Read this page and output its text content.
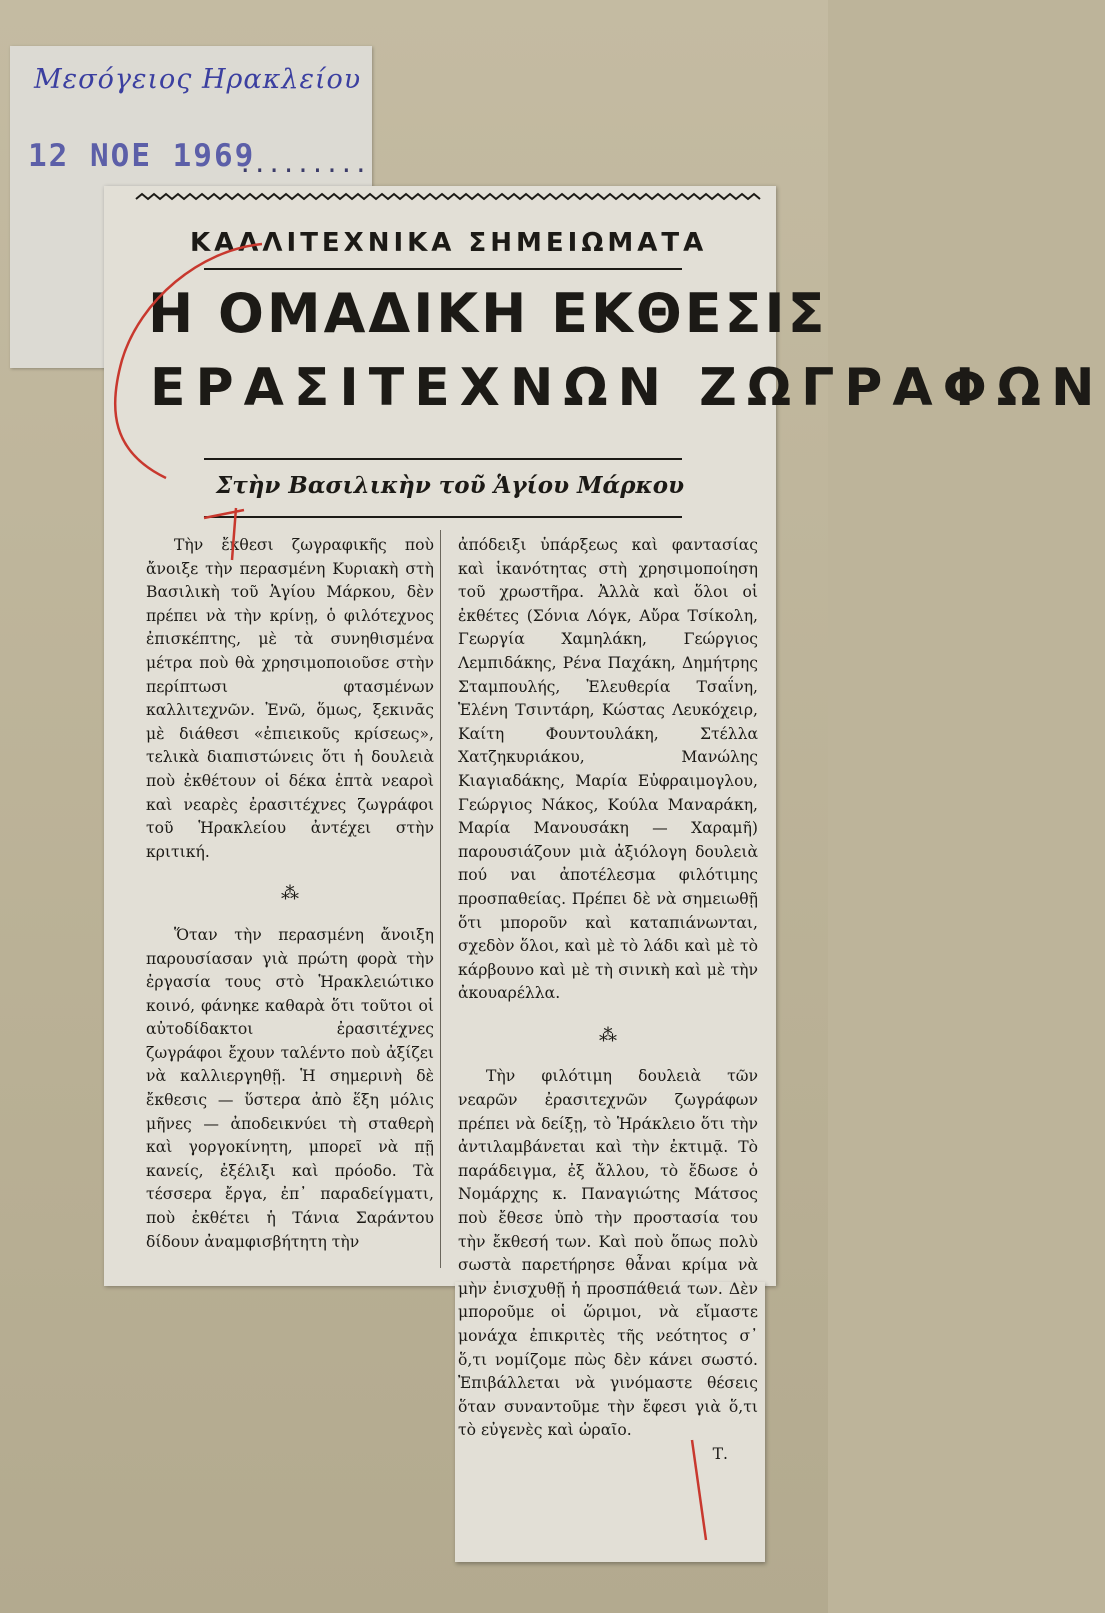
Μεσόγειος Ηρακλείου
12 ΝΟΕ 1969
.........
ΚΑΛΛΙΤΕΧΝΙΚΑ ΣΗΜΕΙΩΜΑΤΑ
Η ΟΜΑΔΙΚΗ ΕΚΘΕΣΙΣ
ΕΡΑΣΙΤΕΧΝΩΝ ΖΩΓΡΑΦΩΝ
Στὴν Βασιλικὴν τοῦ Ἁγίου Μάρκου

Τὴν ἔκθεσι ζωγραφικῆς ποὺ ἄνοιξε τὴν περασμένη Κυριακὴ στὴ Βασιλικὴ τοῦ Ἁγίου Μάρκου, δὲν πρέπει νὰ τὴν κρίνῃ, ὁ φιλότεχνος ἐπισκέπτης, μὲ τὰ συνηθισμένα μέτρα ποὺ θὰ χρησιμοποιοῦσε στὴν περίπτωσι φτασμένων καλλιτεχνῶν. Ἐνῶ, ὅμως, ξεκινᾶς μὲ διάθεσι «ἐπιεικοῦς κρίσεως», τελικὰ διαπιστώνεις ὅτι ἡ δουλειὰ ποὺ ἐκθέτουν οἱ δέκα ἑπτὰ νεαροὶ καὶ νεαρὲς ἐρασιτέχνες ζωγράφοι τοῦ Ἡρακλείου ἀντέχει στὴν κριτική.

⁂

Ὅταν τὴν περασμένη ἄνοιξη παρουσίασαν γιὰ πρώτη φορὰ τὴν ἐργασία τους στὸ Ἡρακλειώτικο κοινό, φάνηκε καθαρὰ ὅτι τοῦτοι οἱ αὐτοδίδακτοι ἐρασιτέχνες ζωγράφοι ἔχουν ταλέντο ποὺ ἀξίζει νὰ καλλιεργηθῇ. Ἡ σημερινὴ δὲ ἔκθεσις — ὕστερα ἀπὸ ἕξη μόλις μῆνες — ἀποδεικνύει τὴ σταθερὴ καὶ γοργοκίνητη, μπορεῖ νὰ πῇ κανείς, ἐξέλιξι καὶ πρόοδο. Τὰ τέσσερα ἔργα, ἐπ᾽ παραδείγματι, ποὺ ἐκθέτει ἡ Τάνια Σαράντου δίδουν ἀναμφισβήτητη τὴν

ἀπόδειξι ὑπάρξεως καὶ φαντασίας καὶ ἱκανότητας στὴ χρησιμοποίηση τοῦ χρωστῆρα. Ἀλλὰ καὶ ὅλοι οἱ ἐκθέτες (Σόνια Λόγκ, Αὔρα Τσίκολη, Γεωργία Χαμηλάκη, Γεώργιος Λεμπιδάκης, Ρένα Παχάκη, Δημήτρης Σταμπουλής, Ἐλευθερία Τσαΐνη, Ἑλένη Τσιντάρη, Κώστας Λευκόχειρ, Καίτη Φουντουλάκη, Στέλλα Χατζηκυριάκου, Μανώλης Κιαγιαδάκης, Μαρία Εὐφραιμογλου, Γεώργιος Νάκος, Κούλα Μαναράκη, Μαρία Μανουσάκη — Χαραμῆ) παρουσιάζουν μιὰ ἀξιόλογη δουλειὰ πού ναι ἀποτέλεσμα φιλότιμης προσπαθείας. Πρέπει δὲ νὰ σημειωθῇ ὅτι μποροῦν καὶ καταπιάνωνται, σχεδὸν ὅλοι, καὶ μὲ τὸ λάδι καὶ μὲ τὸ κάρβουνο καὶ μὲ τὴ σινικὴ καὶ μὲ τὴν ἀκουαρέλλα.

⁂

Τὴν φιλότιμη δουλειὰ τῶν νεαρῶν ἐρασιτεχνῶν ζωγράφων πρέπει νὰ δείξῃ, τὸ Ἡράκλειο ὅτι τὴν ἀντιλαμβάνεται καὶ τὴν ἐκτιμᾷ. Τὸ παράδειγμα, ἐξ ἄλλου, τὸ ἔδωσε ὁ Νομάρχης κ. Παναγιώτης Μάτσος ποὺ ἔθεσε ὑπὸ τὴν προστασία του τὴν ἔκθεσή των. Καὶ ποὺ ὅπως πολὺ σωστὰ παρετήρησε θἆναι κρίμα νὰ μὴν ἐνισχυθῇ ἡ προσπάθειά των. Δὲν μποροῦμε οἱ ὥριμοι, νὰ εἴμαστε μονάχα ἐπικριτὲς τῆς νεότητος σ᾽ ὅ,τι νομίζομε πὼς δὲν κάνει σωστό. Ἐπιβάλλεται νὰ γινόμαστε θέσεις ὅταν συναντοῦμε τὴν ἔφεσι γιὰ ὅ,τι τὸ εὐγενὲς καὶ ὡραῖο.

Τ.
